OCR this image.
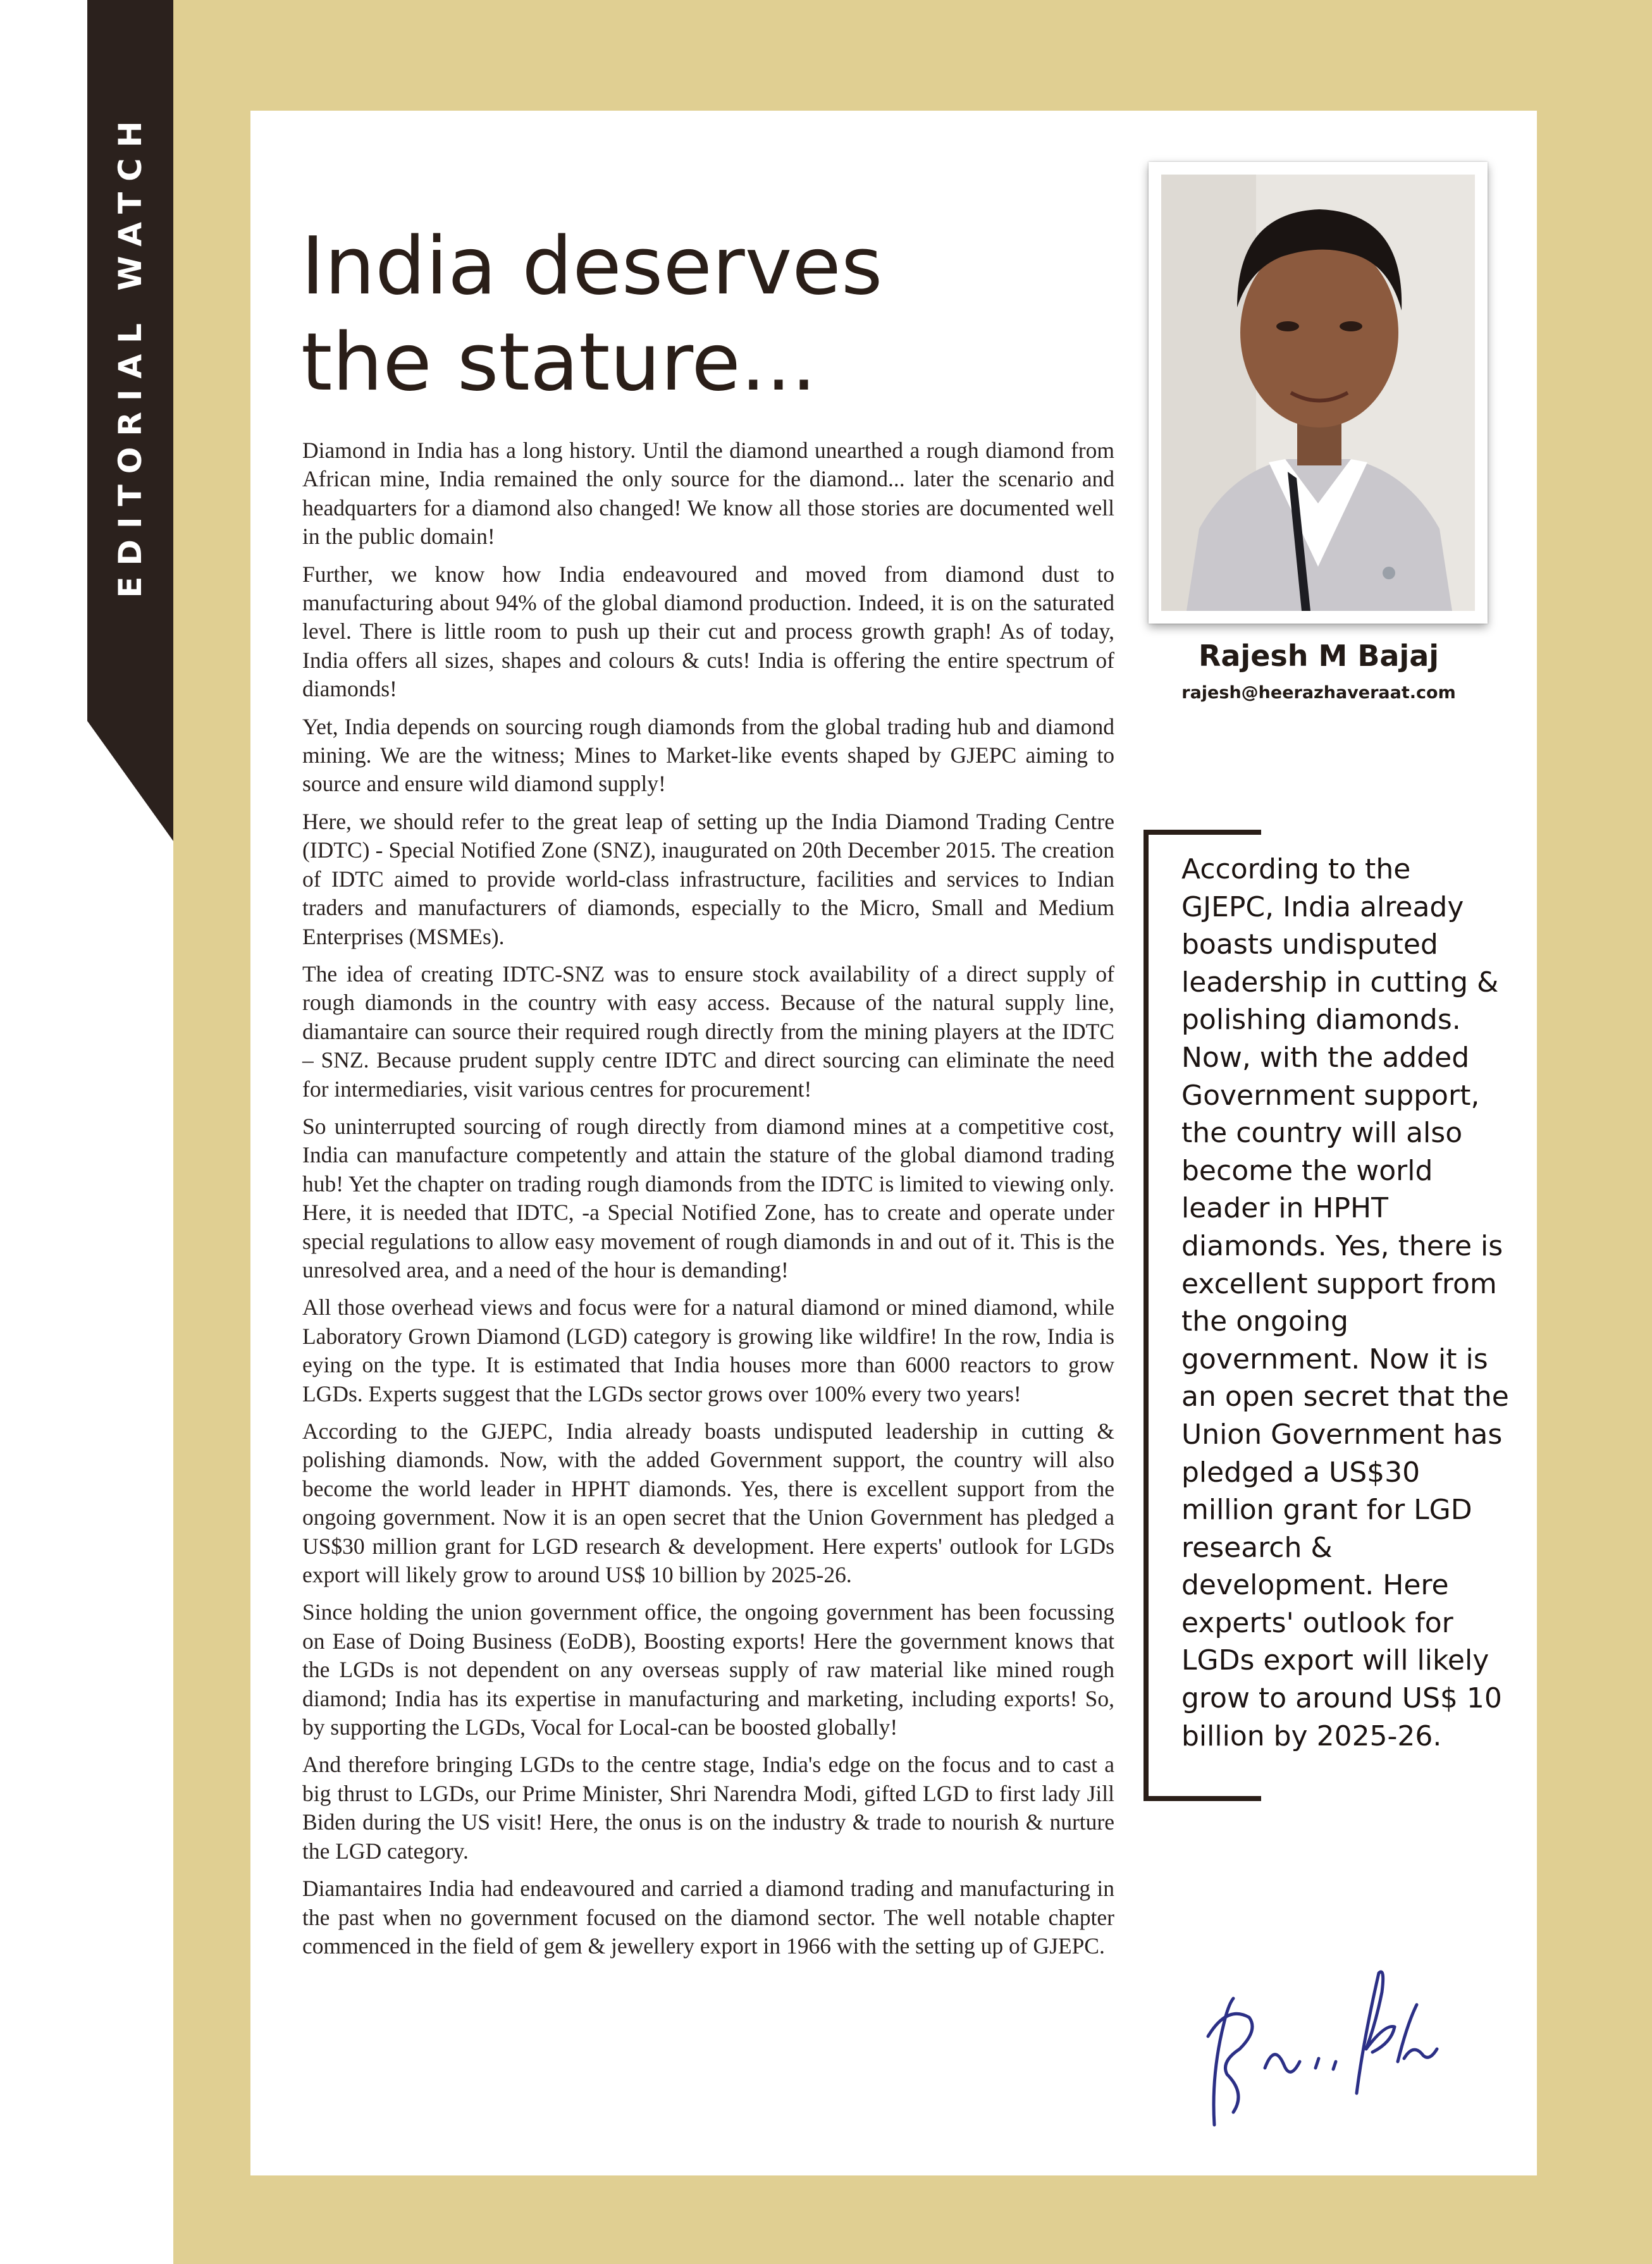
EDITORIAL WATCH India deserves
the stature...

Diamond in India has a long history. Until the diamond unearthed a rough diamond from African mine, India remained the only source for the diamond... later the scenario and headquarters for a diamond also changed! We know all those stories are documented well in the public domain!

Further, we know how India endeavoured and moved from diamond dust to manufacturing about 94% of the global diamond production. Indeed, it is on the saturated level. There is little room to push up their cut and process growth graph! As of today, India offers all sizes, shapes and colours & cuts! India is offering the entire spectrum of diamonds!

Yet, India depends on sourcing rough diamonds from the global trading hub and diamond mining. We are the witness; Mines to Market-like events shaped by GJEPC aiming to source and ensure wild diamond supply!

Here, we should refer to the great leap of setting up the India Diamond Trading Centre (IDTC) - Special Notified Zone (SNZ), inaugurated on 20th December 2015. The creation of IDTC aimed to provide world-class infrastructure, facilities and services to Indian traders and manufacturers of diamonds, especially to the Micro, Small and Medium Enterprises (MSMEs).

The idea of creating IDTC-SNZ was to ensure stock availability of a direct supply of rough diamonds in the country with easy access. Because of the natural supply line, diamantaire can source their required rough directly from the mining players at the IDTC – SNZ. Because prudent supply centre IDTC and direct sourcing can eliminate the need for intermediaries, visit various centres for procurement!

So uninterrupted sourcing of rough directly from diamond mines at a competitive cost, India can manufacture competently and attain the stature of the global diamond trading hub! Yet the chapter on trading rough diamonds from the IDTC is limited to viewing only. Here, it is needed that IDTC, -a Special Notified Zone, has to create and operate under special regulations to allow easy movement of rough diamonds in and out of it. This is the unresolved area, and a need of the hour is demanding!

All those overhead views and focus were for a natural diamond or mined diamond, while Laboratory Grown Diamond (LGD) category is growing like wildfire! In the row, India is eying on the type. It is estimated that India houses more than 6000 reactors to grow LGDs. Experts suggest that the LGDs sector grows over 100% every two years!

According to the GJEPC, India already boasts undisputed leadership in cutting & polishing diamonds. Now, with the added Government support, the country will also become the world leader in HPHT diamonds. Yes, there is excellent support from the ongoing government. Now it is an open secret that the Union Government has pledged a US$30 million grant for LGD research & development. Here experts' outlook for LGDs export will likely grow to around US$ 10 billion by 2025-26.

Since holding the union government office, the ongoing government has been focussing on Ease of Doing Business (EoDB), Boosting exports! Here the government knows that the LGDs is not dependent on any overseas supply of raw material like mined rough diamond; India has its expertise in manufacturing and marketing, including exports! So, by supporting the LGDs, Vocal for Local-can be boosted globally!

And therefore bringing LGDs to the centre stage, India's edge on the focus and to cast a big thrust to LGDs, our Prime Minister, Shri Narendra Modi, gifted LGD to first lady Jill Biden during the US visit! Here, the onus is on the industry & trade to nourish & nurture the LGD category.

Diamantaires India had endeavoured and carried a diamond trading and manufacturing in the past when no government focused on the diamond sector. The well notable chapter commenced in the field of gem & jewellery export in 1966 with the setting up of GJEPC.

Rajesh M Bajaj
rajesh@heerazhaveraat.com
According to the GJEPC, India already boasts undisputed leadership in cutting & polishing diamonds. Now, with the added Government support, the country will also become the world leader in HPHT diamonds. Yes, there is excellent support from the ongoing government. Now it is an open secret that the Union Government has pledged a US$30 million grant for LGD research & development. Here experts' outlook for LGDs export will likely grow to around US$ 10 billion by 2025-26.
